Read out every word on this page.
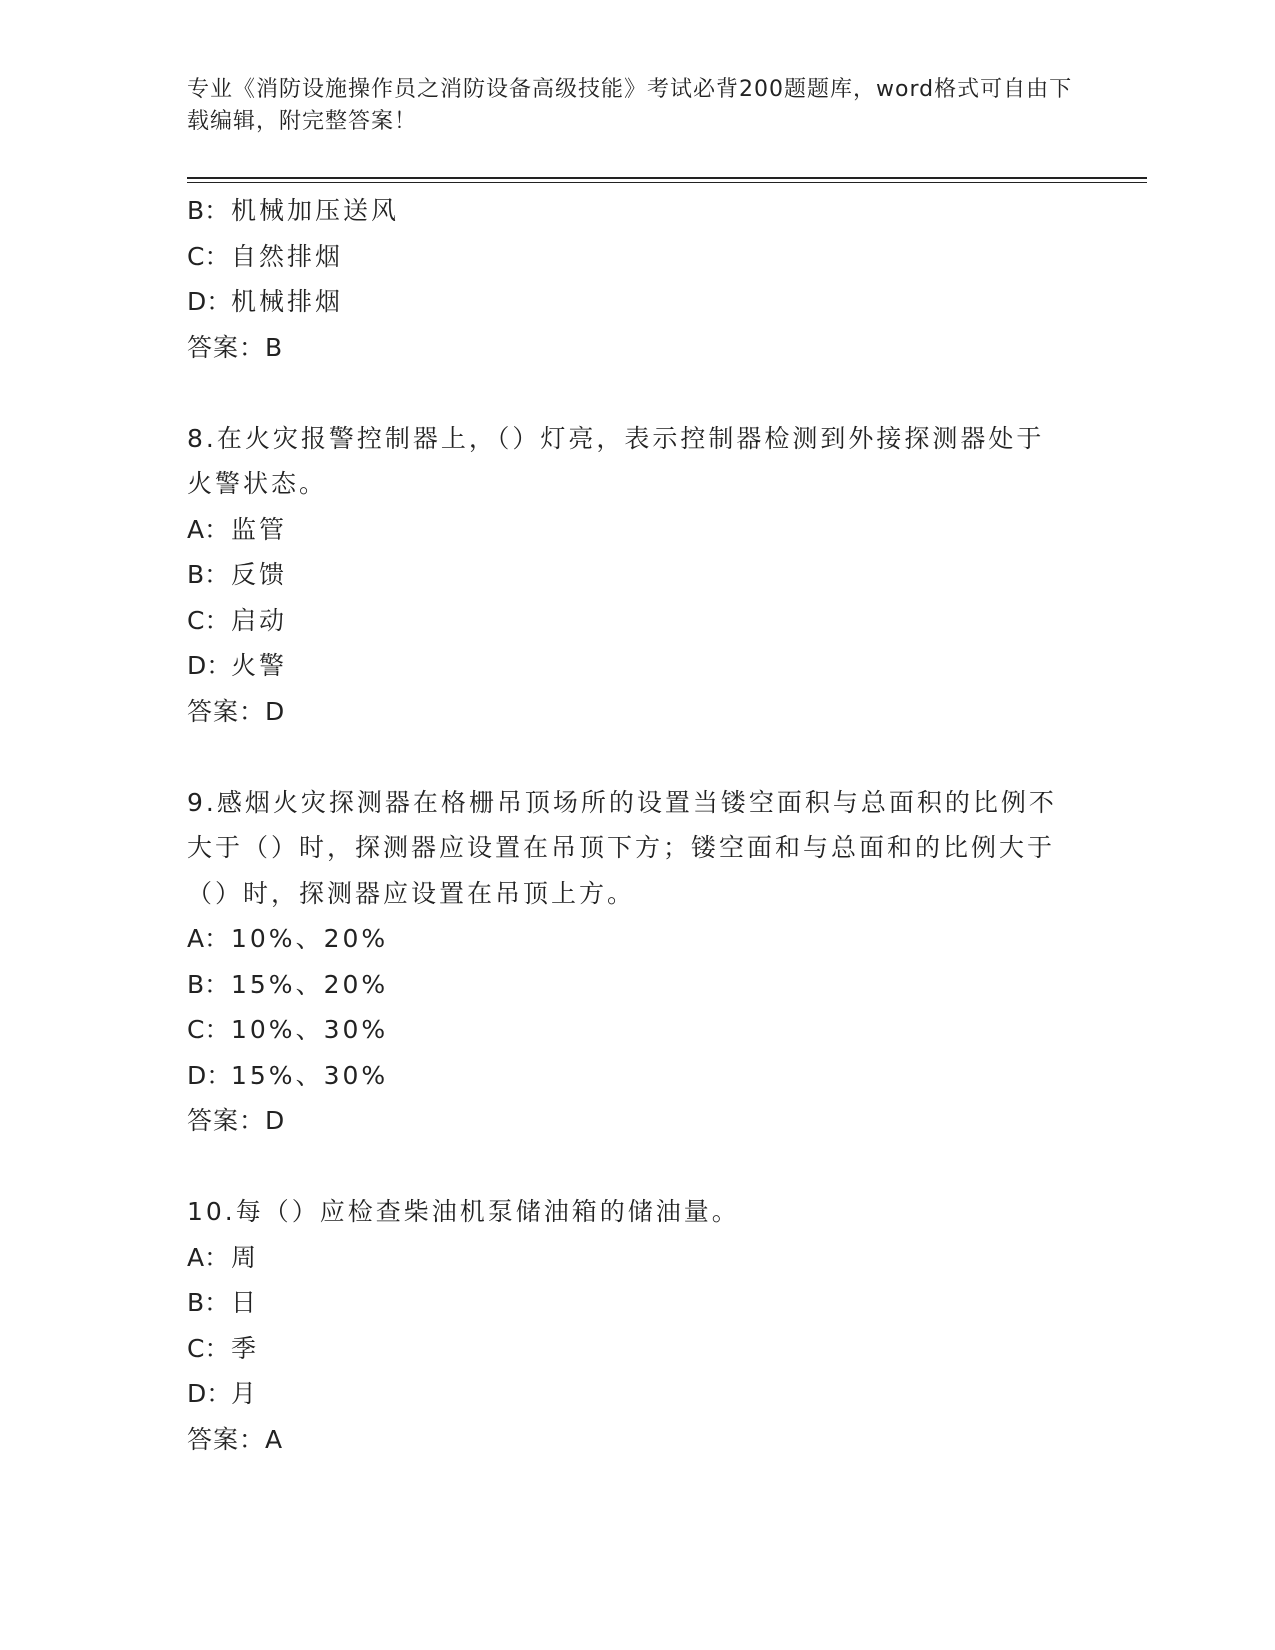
专业《消防设施操作员之消防设备高级技能》考试必背200题题库，word格式可自由下载编辑，附完整答案！
B：机械加压送风
C：自然排烟
D：机械排烟
答案：B
8.在火灾报警控制器上，（）灯亮，表示控制器检测到外接探测器处于火警状态。
A：监管
B：反馈
C：启动
D：火警
答案：D
9.感烟火灾探测器在格栅吊顶场所的设置当镂空面积与总面积的比例不大于（）时，探测器应设置在吊顶下方；镂空面和与总面和的比例大于（）时，探测器应设置在吊顶上方。
A：10%、20%
B：15%、20%
C：10%、30%
D：15%、30%
答案：D
10.每（）应检查柴油机泵储油箱的储油量。
A：周
B：日
C：季
D：月
答案：A
